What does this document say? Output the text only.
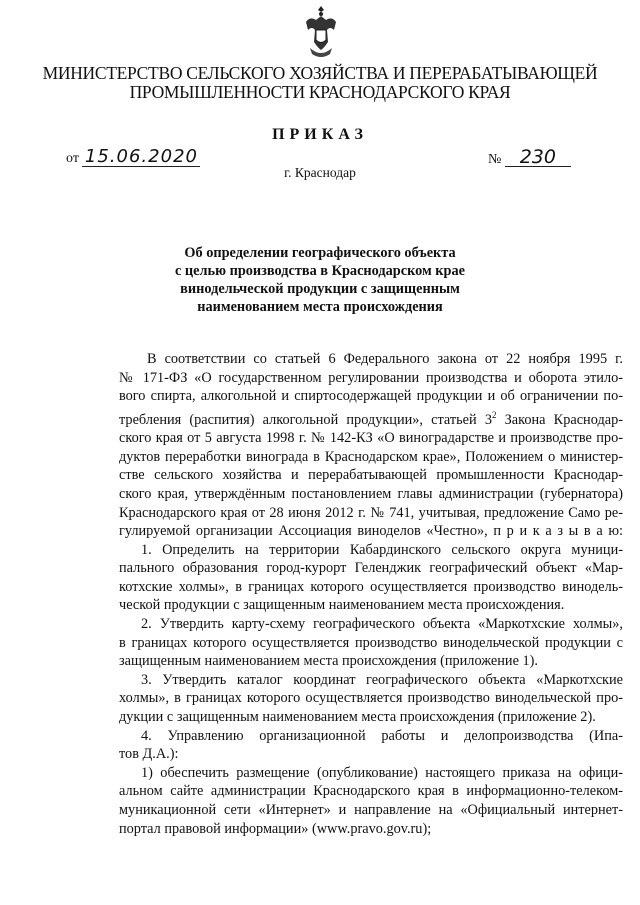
МИНИСТЕРСТВО СЕЛЬСКОГО ХОЗЯЙСТВА И ПЕРЕРАБАТЫВАЮЩЕЙ
ПРОМЫШЛЕННОСТИ КРАСНОДАРСКОГО КРАЯ
ПРИКАЗ
от 15.06.2020	№ 230
г. Краснодар
Об определении географического объекта
с целью производства в Краснодарском крае
винодельческой продукции с защищенным
наименованием места происхождения
В соответствии со статьей 6 Федерального закона от 22 ноября 1995 г.
№ 171-ФЗ «О государственном регулировании производства и оборота этило-
вого спирта, алкогольной и спиртосодержащей продукции и об ограничении по-
требления (распития) алкогольной продукции», статьей $3^2$ Закона Краснодар-
ского края от 5 августа 1998 г. № 142-КЗ «О виноградарстве и производстве про-
дуктов переработки винограда в Краснодарском крае», Положением о министер-
стве сельского хозяйства и перерабатывающей промышленности Краснодар-
ского края, утверждённым постановлением главы администрации (губернатора)
Краснодарского края от 28 июня 2012 г. № 741, учитывая, предложение Само ре-
гулируемой организации Ассоциация виноделов «Честно», п р и к а з ы в а ю:
1. Определить на территории Кабардинского сельского округа муници-
пального образования город-курорт Геленджик географический объект «Мар-
котхские холмы», в границах которого осуществляется производство винодель-
ческой продукции с защищенным наименованием места происхождения.
2. Утвердить карту-схему географического объекта «Маркотхские холмы»,
в границах которого осуществляется производство винодельческой продукции с
защищенным наименованием места происхождения (приложение 1).
3. Утвердить каталог координат географического объекта «Маркотхские
холмы», в границах которого осуществляется производство винодельческой про-
дукции с защищенным наименованием места происхождения (приложение 2).
4. Управлению организационной работы и делопроизводства (Ипа-
тов Д.А.):
1) обеспечить размещение (опубликование) настоящего приказа на офици-
альном сайте администрации Краснодарского края в информационно-телеком-
муникационной сети «Интернет» и направление на «Официальный интернет-
портал правовой информации» (www.pravo.gov.ru);
